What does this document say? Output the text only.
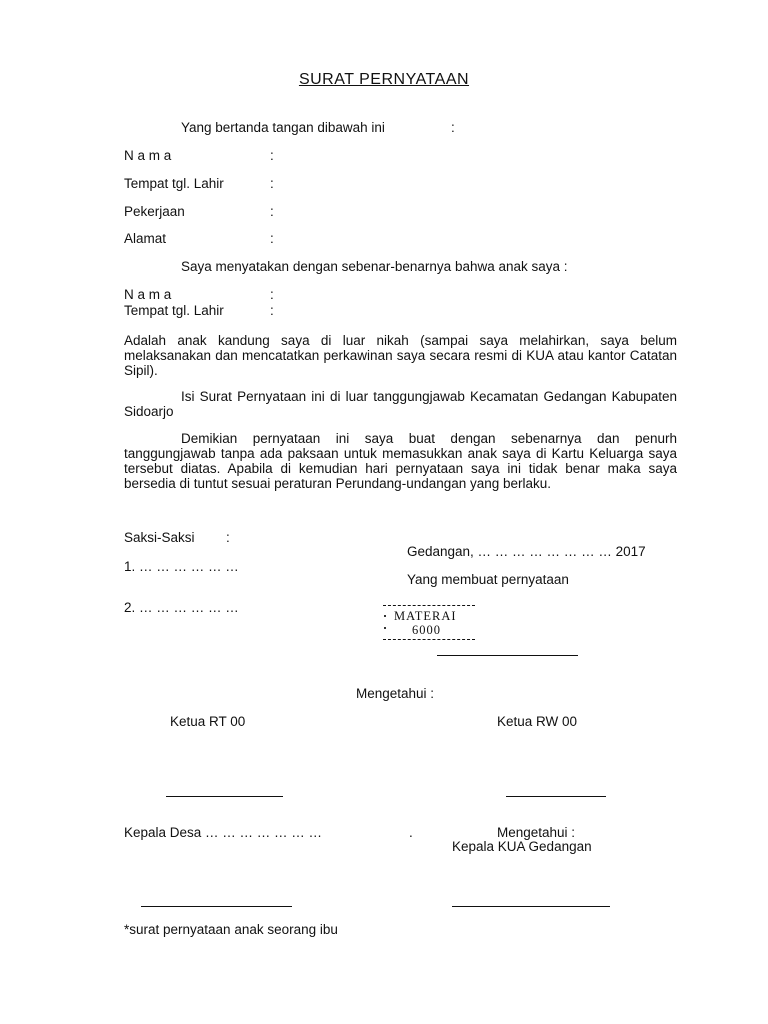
SURAT PERNYATAAN
Yang bertanda tangan dibawah ini	:
N a m a	:
Tempat tgl. Lahir	:
Pekerjaan	:
Alamat	:
Saya menyatakan dengan sebenar-benarnya bahwa anak saya :
N a m a	:
Tempat tgl. Lahir	:
Adalah anak kandung saya di luar nikah (sampai saya melahirkan, saya belum melaksanakan dan mencatatkan perkawinan saya secara resmi di KUA atau kantor Catatan Sipil).
Isi Surat Pernyataan ini di luar tanggungjawab Kecamatan Gedangan Kabupaten Sidoarjo
Demikian pernyataan ini saya buat dengan sebenarnya dan penurh tanggungjawab tanpa ada paksaan untuk memasukkan anak saya di Kartu Keluarga saya tersebut diatas. Apabila di kemudian hari pernyataan saya ini tidak benar maka saya bersedia di tuntut sesuai peraturan Perundang-undangan yang berlaku.
Saksi-Saksi :
1. … … … … … …
2. … … … … … …
Gedangan, … … … … … … … … 2017
Yang membuat pernyataan
MATERAI
6000
Mengetahui :
Ketua RT 00	Ketua RW 00
Kepala Desa … … … … … … …	.	Mengetahui :
Kepala KUA Gedangan
*surat pernyataan anak seorang ibu
